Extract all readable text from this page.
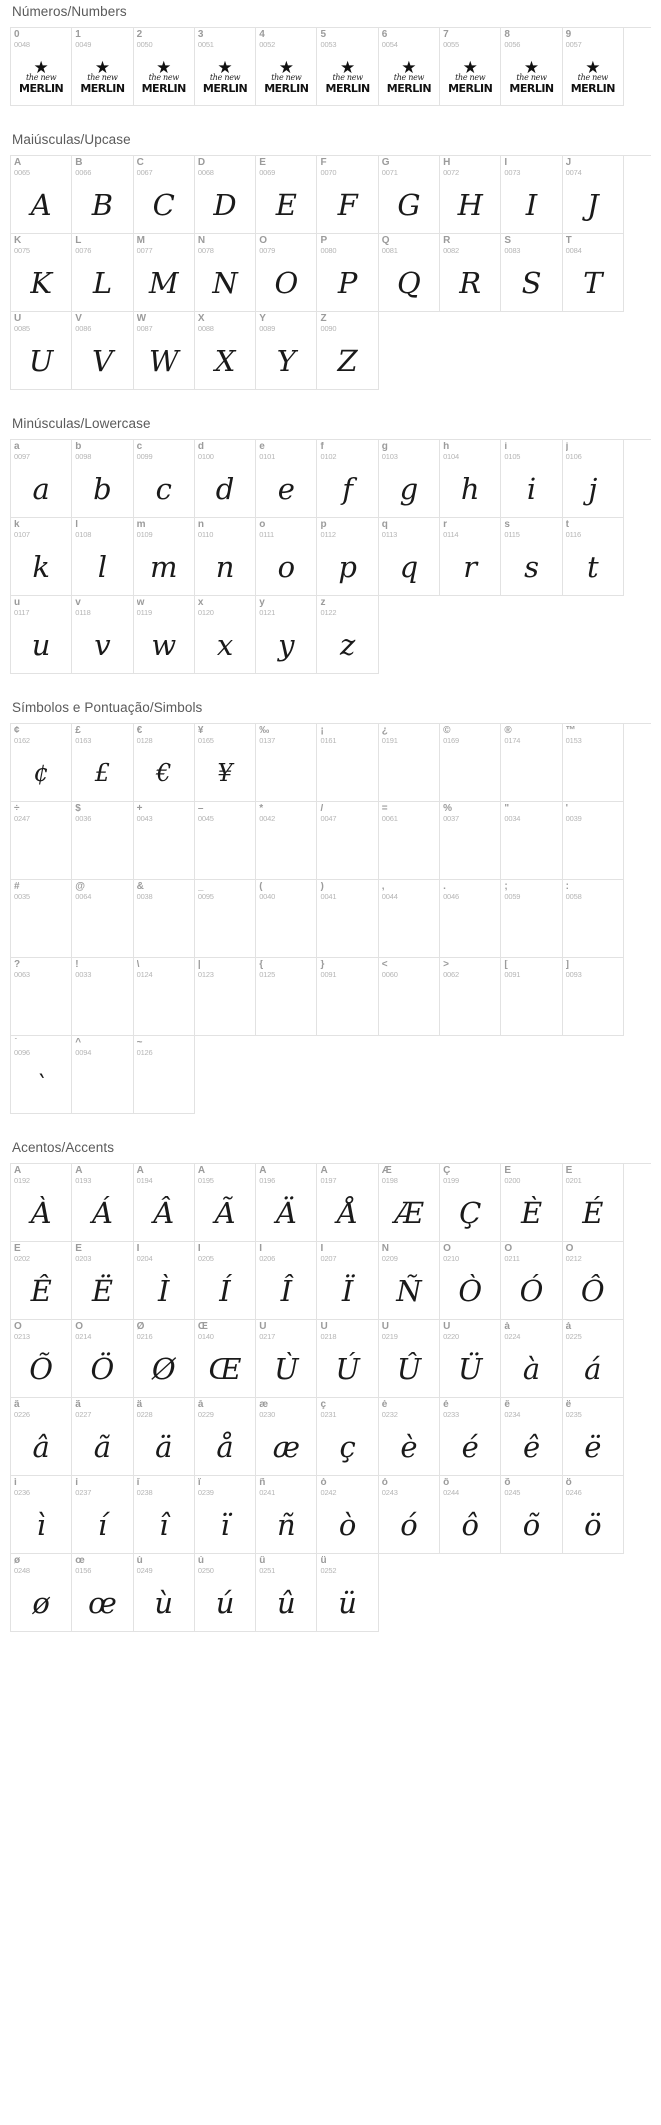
Números/Numbers
0
0048
★
the new
MERLIN
1
0049
★
the new
MERLIN
2
0050
★
the new
MERLIN
3
0051
★
the new
MERLIN
4
0052
★
the new
MERLIN
5
0053
★
the new
MERLIN
6
0054
★
the new
MERLIN
7
0055
★
the new
MERLIN
8
0056
★
the new
MERLIN
9
0057
★
the new
MERLIN
Maiúsculas/Upcase
A
0065
A
B
0066
B
C
0067
C
D
0068
D
E
0069
E
F
0070
F
G
0071
G
H
0072
H
I
0073
I
J
0074
J
K
0075
K
L
0076
L
M
0077
M
N
0078
N
O
0079
O
P
0080
P
Q
0081
Q
R
0082
R
S
0083
S
T
0084
T
U
0085
U
V
0086
V
W
0087
W
X
0088
X
Y
0089
Y
Z
0090
Z
Minúsculas/Lowercase
a
0097
a
b
0098
b
c
0099
c
d
0100
d
e
0101
e
f
0102
f
g
0103
g
h
0104
h
i
0105
i
j
0106
j
k
0107
k
l
0108
l
m
0109
m
n
0110
n
o
0111
o
p
0112
p
q
0113
q
r
0114
r
s
0115
s
t
0116
t
u
0117
u
v
0118
v
w
0119
w
x
0120
x
y
0121
y
z
0122
z
Símbolos e Pontuação/Simbols
¢
0162
¢
£
0163
£
€
0128
€
¥
0165
¥
‰
0137
¡
0161
¿
0191
©
0169
®
0174
™
0153
÷
0247
$
0036
+
0043
–
0045
*
0042
/
0047
=
0061
%
0037
"
0034
'
0039
#
0035
@
0064
&
0038
_
0095
(
0040
)
0041
,
0044
.
0046
;
0059
:
0058
?
0063
!
0033
\
0124
|
0123
{
0125
}
0091
<
0060
>
0062
[
0091
]
0093
`
0096
`
^
0094
~
0126
Acentos/Accents
À
0192
À
Á
0193
Á
Â
0194
Â
Ã
0195
Ã
Ä
0196
Ä
Å
0197
Å
Æ
0198
Æ
Ç
0199
Ç
È
0200
È
É
0201
É
Ê
0202
Ê
Ë
0203
Ë
Ì
0204
Ì
Í
0205
Í
Î
0206
Î
Ï
0207
Ï
Ñ
0209
Ñ
Ò
0210
Ò
Ó
0211
Ó
Ô
0212
Ô
Õ
0213
Õ
Ö
0214
Ö
Ø
0216
Ø
Œ
0140
Œ
Ù
0217
Ù
Ú
0218
Ú
Û
0219
Û
Ü
0220
Ü
à
0224
à
á
0225
á
â
0226
â
ã
0227
ã
ä
0228
ä
å
0229
å
æ
0230
æ
ç
0231
ç
è
0232
è
é
0233
é
ê
0234
ê
ë
0235
ë
ì
0236
ì
í
0237
í
î
0238
î
ï
0239
ï
ñ
0241
ñ
ò
0242
ò
ó
0243
ó
ô
0244
ô
õ
0245
õ
ö
0246
ö
ø
0248
ø
œ
0156
œ
ù
0249
ù
ú
0250
ú
û
0251
û
ü
0252
ü
